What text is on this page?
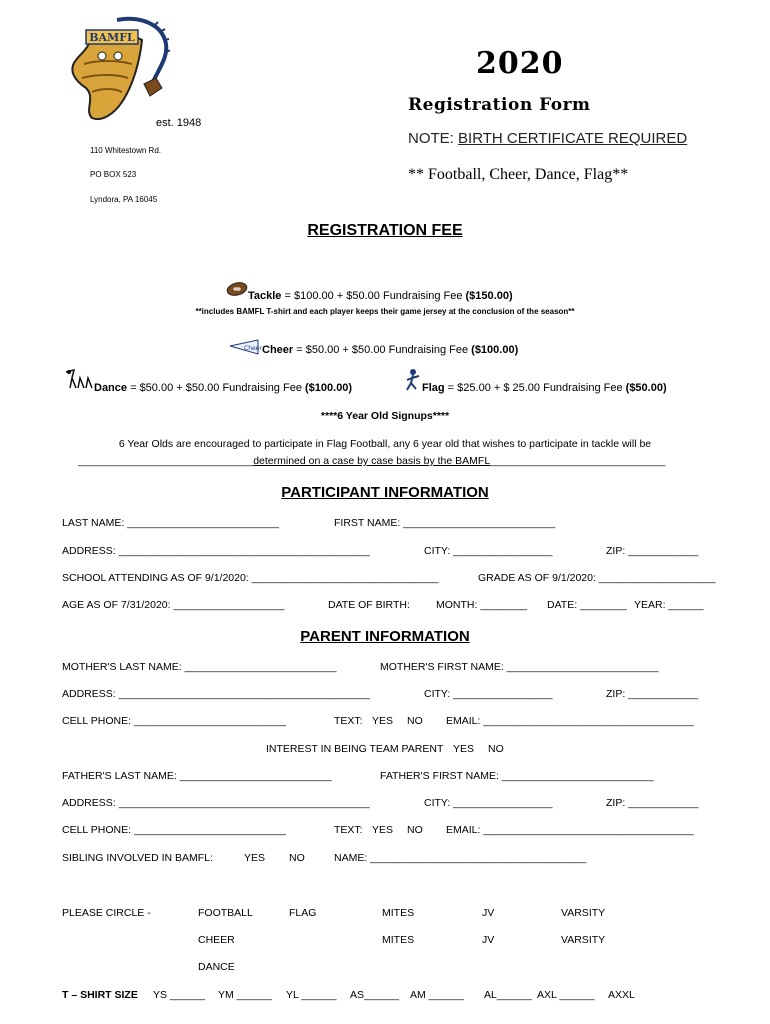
BAMFL
est. 1948
110 Whitestown Rd.
PO BOX 523
Lyndora, PA 16045
2020
Registration Form
NOTE: BIRTH CERTIFICATE REQUIRED
** Football, Cheer, Dance, Flag**
REGISTRATION FEE
Tackle = $100.00 + $50.00 Fundraising Fee ($150.00)
**includes BAMFL T-shirt and each player keeps their game jersey at the conclusion of the season**
Cheer Cheer = $50.00 + $50.00 Fundraising Fee ($100.00)
Dance = $50.00 + $50.00 Fundraising Fee ($100.00)	Flag = $25.00 + $ 25.00 Fundraising Fee ($50.00)
****6 Year Old Signups****
6 Year Olds are encouraged to participate in Flag Football, any 6 year old that wishes to participate in tackle will be
______________________________determined on a case by case basis by the BAMFL______________________________
PARTICIPANT INFORMATION
LAST NAME: __________________________	FIRST NAME: __________________________
ADDRESS: ___________________________________________	CITY: _________________	ZIP: ____________
SCHOOL ATTENDING AS OF 9/1/2020: ________________________________	GRADE AS OF 9/1/2020: ____________________
AGE AS OF 7/31/2020: ___________________	DATE OF BIRTH: MONTH: ________ DATE: ________ YEAR: ______
PARENT INFORMATION
MOTHER'S LAST NAME: __________________________	MOTHER'S FIRST NAME: __________________________
ADDRESS: ___________________________________________	CITY: _________________	ZIP: ____________
CELL PHONE: __________________________	TEXT: YES NO EMAIL: ____________________________________
INTEREST IN BEING TEAM PARENT YES NO
FATHER'S LAST NAME: __________________________	FATHER'S FIRST NAME: __________________________
ADDRESS: ___________________________________________	CITY: _________________	ZIP: ____________
CELL PHONE: __________________________	TEXT: YES NO EMAIL: ____________________________________
SIBLING INVOLVED IN BAMFL:	YES NO	NAME: _____________________________________
PLEASE CIRCLE -	FOOTBALL	FLAG	MITES	JV	VARSITY
CHEER	MITES	JV	VARSITY
DANCE
T – SHIRT SIZE YS ______ YM ______ YL ______ AS______ AM ______ AL______ AXL ______ AXXL
